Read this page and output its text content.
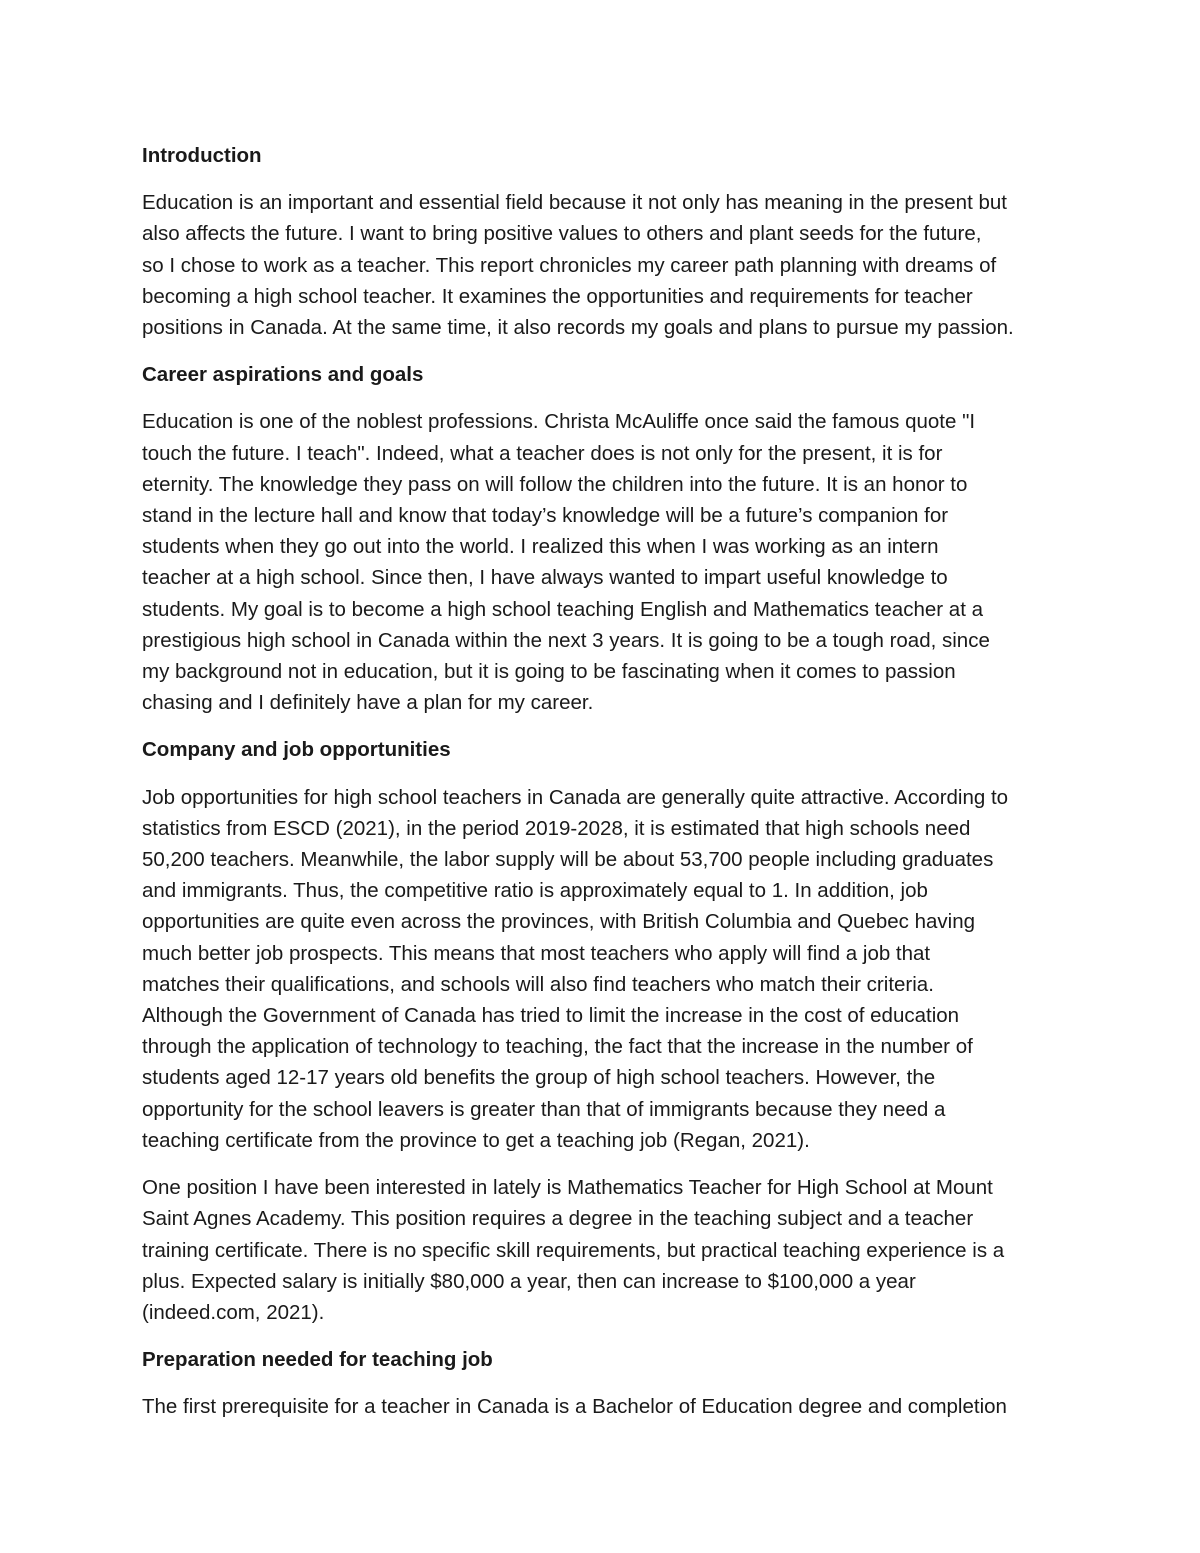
Introduction
Education is an important and essential field because it not only has meaning in the present but
also affects the future. I want to bring positive values to others and plant seeds for the future,
so I chose to work as a teacher. This report chronicles my career path planning with dreams of
becoming a high school teacher. It examines the opportunities and requirements for teacher
positions in Canada. At the same time, it also records my goals and plans to pursue my passion.
Career aspirations and goals
Education is one of the noblest professions. Christa McAuliffe once said the famous quote "I
touch the future. I teach". Indeed, what a teacher does is not only for the present, it is for
eternity. The knowledge they pass on will follow the children into the future. It is an honor to
stand in the lecture hall and know that today’s knowledge will be a future’s companion for
students when they go out into the world. I realized this when I was working as an intern
teacher at a high school. Since then, I have always wanted to impart useful knowledge to
students. My goal is to become a high school teaching English and Mathematics teacher at a
prestigious high school in Canada within the next 3 years. It is going to be a tough road, since
my background not in education, but it is going to be fascinating when it comes to passion
chasing and I definitely have a plan for my career.
Company and job opportunities
Job opportunities for high school teachers in Canada are generally quite attractive. According to
statistics from ESCD (2021), in the period 2019-2028, it is estimated that high schools need
50,200 teachers. Meanwhile, the labor supply will be about 53,700 people including graduates
and immigrants. Thus, the competitive ratio is approximately equal to 1. In addition, job
opportunities are quite even across the provinces, with British Columbia and Quebec having
much better job prospects. This means that most teachers who apply will find a job that
matches their qualifications, and schools will also find teachers who match their criteria.
Although the Government of Canada has tried to limit the increase in the cost of education
through the application of technology to teaching, the fact that the increase in the number of
students aged 12-17 years old benefits the group of high school teachers. However, the
opportunity for the school leavers is greater than that of immigrants because they need a
teaching certificate from the province to get a teaching job (Regan, 2021).
One position I have been interested in lately is Mathematics Teacher for High School at Mount
Saint Agnes Academy. This position requires a degree in the teaching subject and a teacher
training certificate. There is no specific skill requirements, but practical teaching experience is a
plus. Expected salary is initially $80,000 a year, then can increase to $100,000 a year
(indeed.com, 2021).
Preparation needed for teaching job
The first prerequisite for a teacher in Canada is a Bachelor of Education degree and completion
